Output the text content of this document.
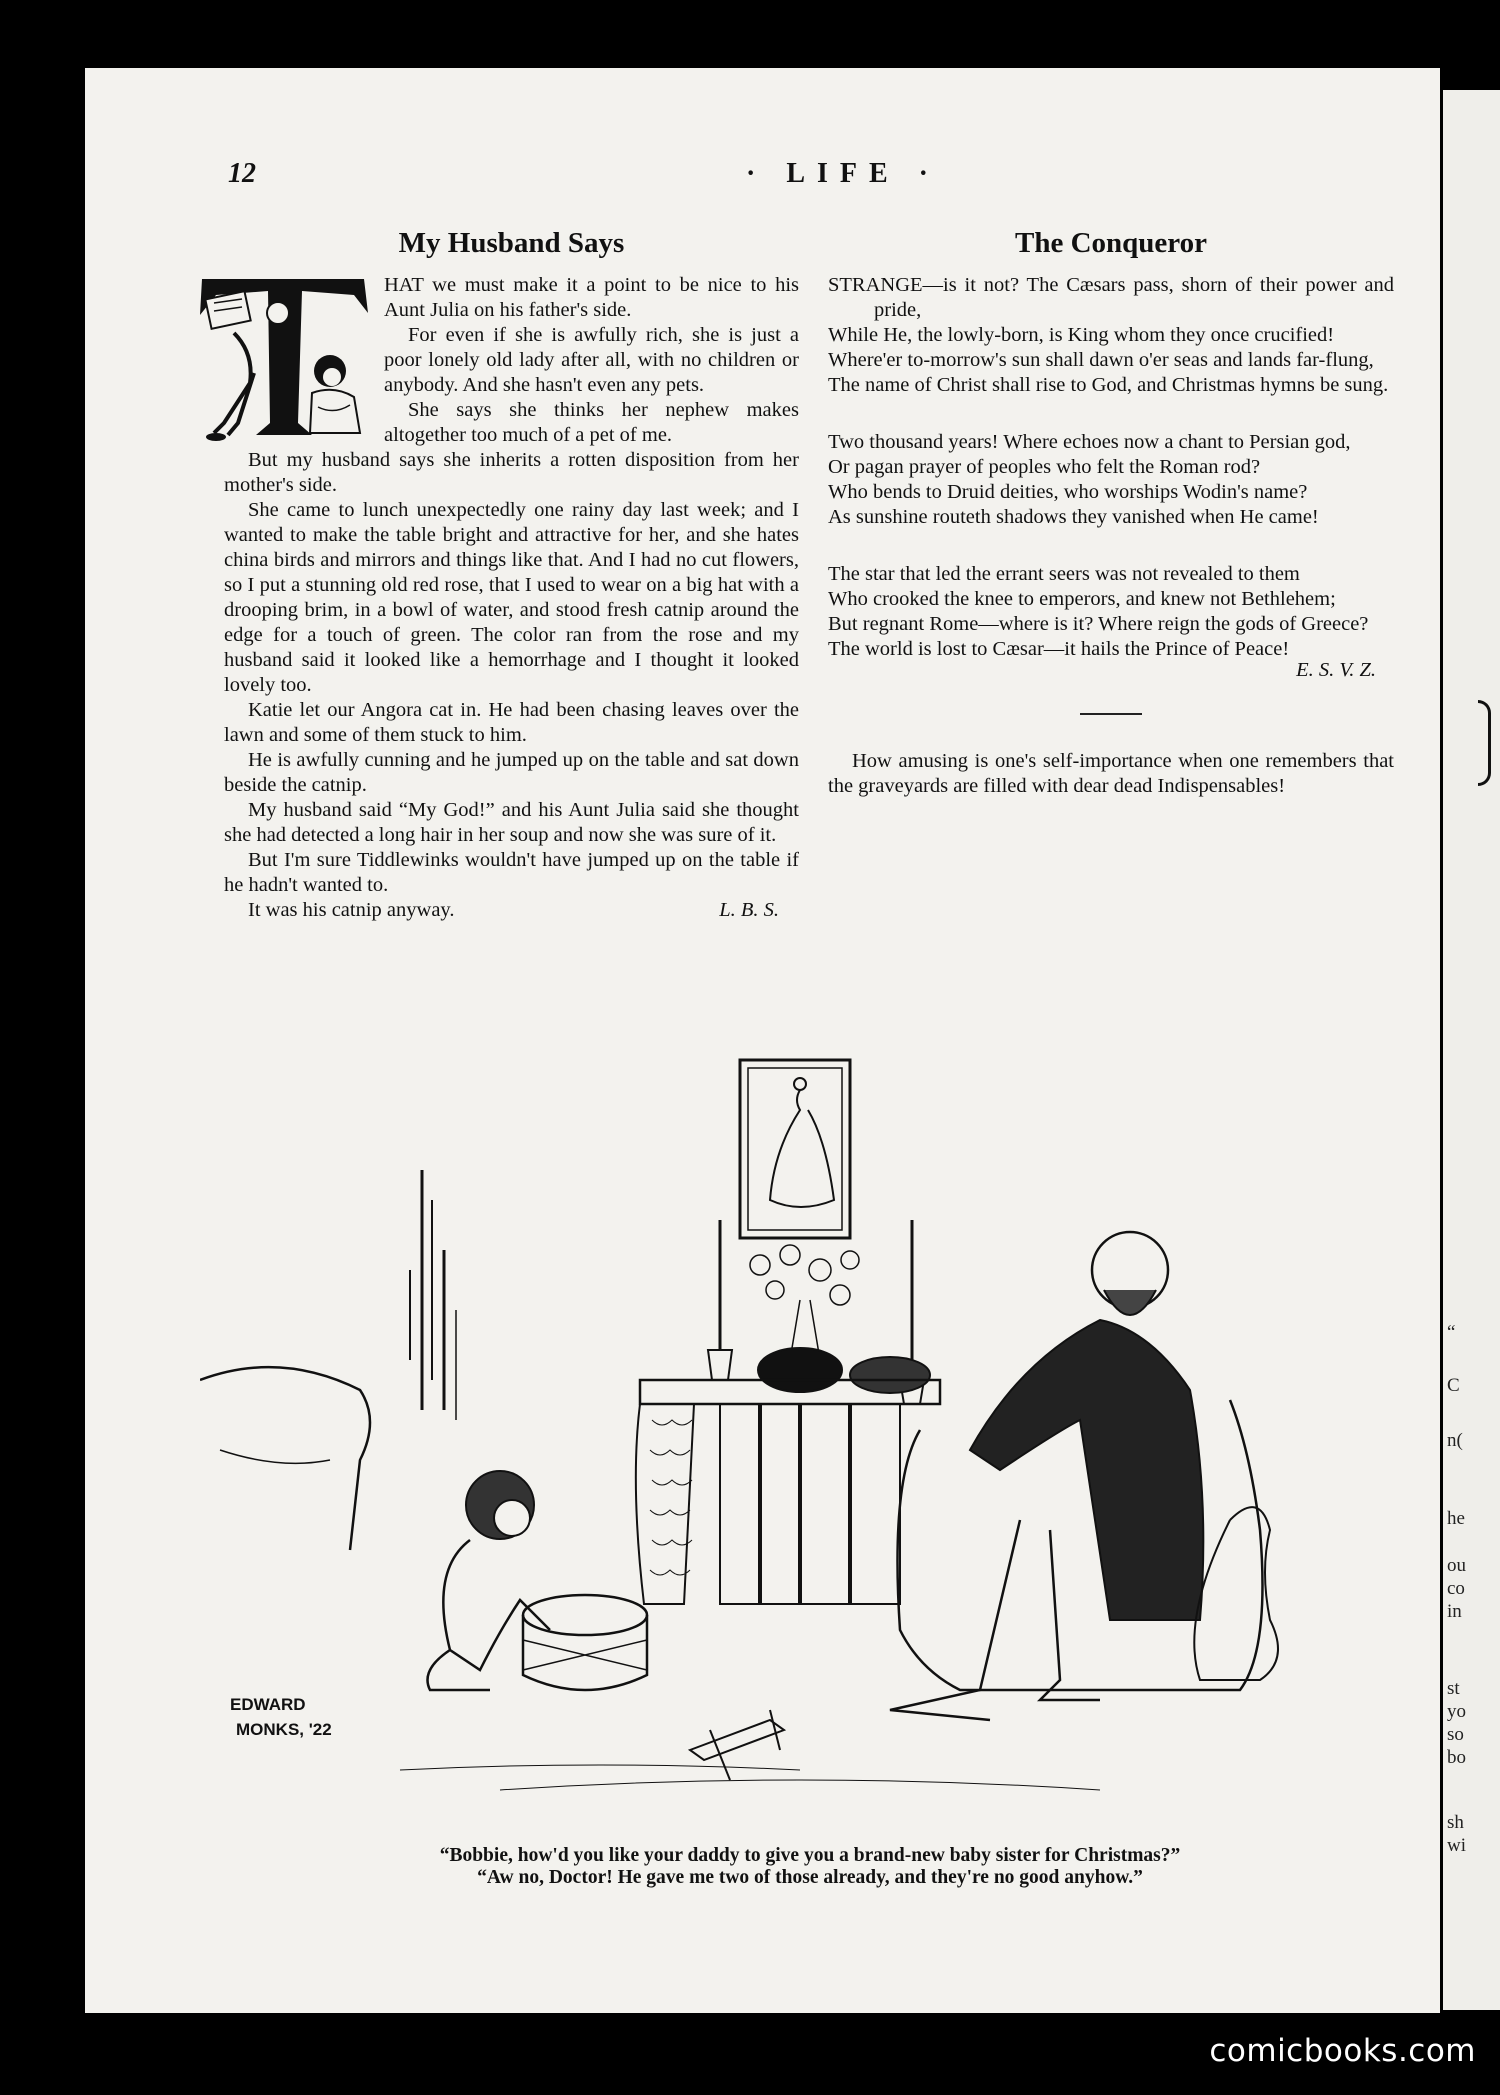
“
C
n(
he
ou
co
in
st
yo
so
bo
sh
wi
12	· LIFE ·
My Husband Says

HAT we must make it a point to be nice to his Aunt Julia on his father's side.

For even if she is awfully rich, she is just a poor lonely old lady after all, with no children or anybody. And she hasn't even any pets.

She says she thinks her nephew makes altogether too much of a pet of me.

But my husband says she inherits a rotten disposition from her mother's side.

She came to lunch unexpectedly one rainy day last week; and I wanted to make the table bright and attractive for her, and she hates china birds and mirrors and things like that. And I had no cut flowers, so I put a stunning old red rose, that I used to wear on a big hat with a drooping brim, in a bowl of water, and stood fresh catnip around the edge for a touch of green. The color ran from the rose and my husband said it looked like a hemorrhage and I thought it looked lovely too.

Katie let our Angora cat in. He had been chasing leaves over the lawn and some of them stuck to him.

He is awfully cunning and he jumped up on the table and sat down beside the catnip.

My husband said “My God!” and his Aunt Julia said she thought she had detected a long hair in her soup and now she was sure of it.

But I'm sure Tiddlewinks wouldn't have jumped up on the table if he hadn't wanted to.

It was his catnip anyway.	L. B. S.
The Conqueror
STRANGE—is it not? The Cæsars pass, shorn of their power and pride,
While He, the lowly-born, is King whom they once crucified!
Where'er to-morrow's sun shall dawn o'er seas and lands far-flung,
The name of Christ shall rise to God, and Christmas hymns be sung.
Two thousand years! Where echoes now a chant to Persian god,
Or pagan prayer of peoples who felt the Roman rod?
Who bends to Druid deities, who worships Wodin's name?
As sunshine routeth shadows they vanished when He came!
The star that led the errant seers was not revealed to them
Who crooked the knee to emperors, and knew not Bethlehem;
But regnant Rome—where is it? Where reign the gods of Greece?
The world is lost to Cæsar—it hails the Prince of Peace!
E. S. V. Z.

How amusing is one's self-importance when one remembers that the graveyards are filled with dear dead Indispensables!

EDWARD
MONKS, '22
“Bobbie, how'd you like your daddy to give you a brand-new baby sister for Christmas?”
“Aw no, Doctor! He gave me two of those already, and they're no good anyhow.”
comicbooks.com
